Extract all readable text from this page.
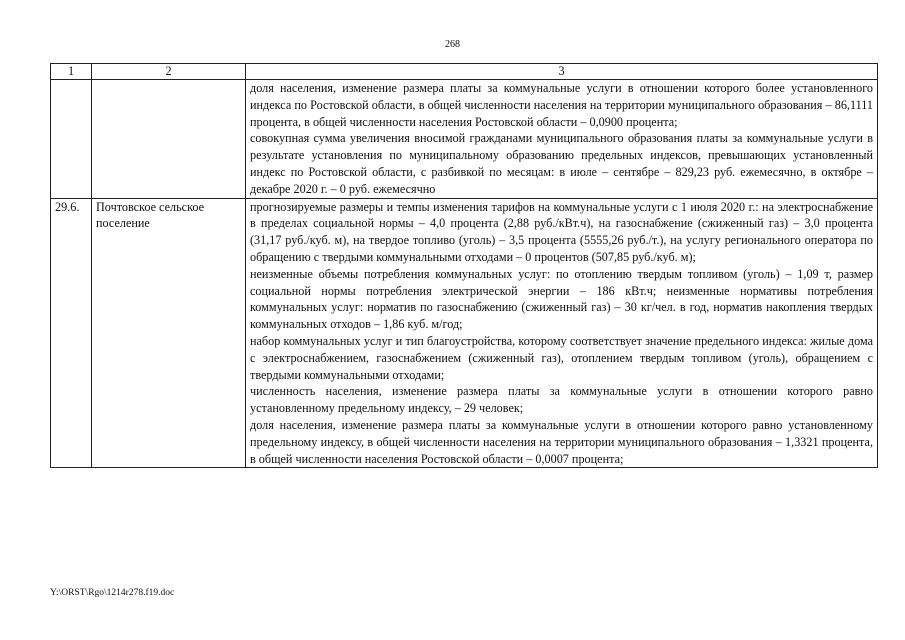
268
1	2	3

		доля населения, изменение размера платы за коммунальные услуги в отношении которого более установленного индекса по Ростовской области, в общей численности населения на территории муниципального образования – 86,1111 процента, в общей численности населения Ростовской области – 0,0900 процента;

совокупная сумма увеличения вносимой гражданами муниципального образования платы за коммунальные услуги в результате установления по муниципальному образованию предельных индексов, превышающих установленный индекс по Ростовской области, с разбивкой по месяцам: в июле – сентябре – 829,23 руб. ежемесячно, в октябре – декабре 2020 г. – 0 руб. ежемесячно

29.6.	Почтовское сельское поселение	прогнозируемые размеры и темпы изменения тарифов на коммунальные услуги с 1 июля 2020 г.: на электроснабжение в пределах социальной нормы – 4,0 процента (2,88 руб./кВт.ч), на газоснабжение (сжиженный газ) – 3,0 процента (31,17 руб./куб. м), на твердое топливо (уголь) – 3,5 процента (5555,26 руб./т.), на услугу регионального оператора по обращению с твердыми коммунальными отходами – 0 процентов (507,85 руб./куб. м);

неизменные объемы потребления коммунальных услуг: по отоплению твердым топливом (уголь) – 1,09 т, размер социальной нормы потребления электрической энергии – 186 кВт.ч; неизменные нормативы потребления коммунальных услуг: норматив по газоснабжению (сжиженный газ) – 30 кг/чел. в год, норматив накопления твердых коммунальных отходов – 1,86 куб. м/год;

набор коммунальных услуг и тип благоустройства, которому соответствует значение предельного индекса: жилые дома с электроснабжением, газоснабжением (сжиженный газ), отоплением твердым топливом (уголь), обращением с твердыми коммунальными отходами;

численность населения, изменение размера платы за коммунальные услуги в отношении которого равно установленному предельному индексу, – 29 человек;

доля населения, изменение размера платы за коммунальные услуги в отношении которого равно установленному предельному индексу, в общей численности населения на территории муниципального образования – 1,3321 процента, в общей численности населения Ростовской области – 0,0007 процента;

Y:\ORST\Rgo\1214r278.f19.doc
